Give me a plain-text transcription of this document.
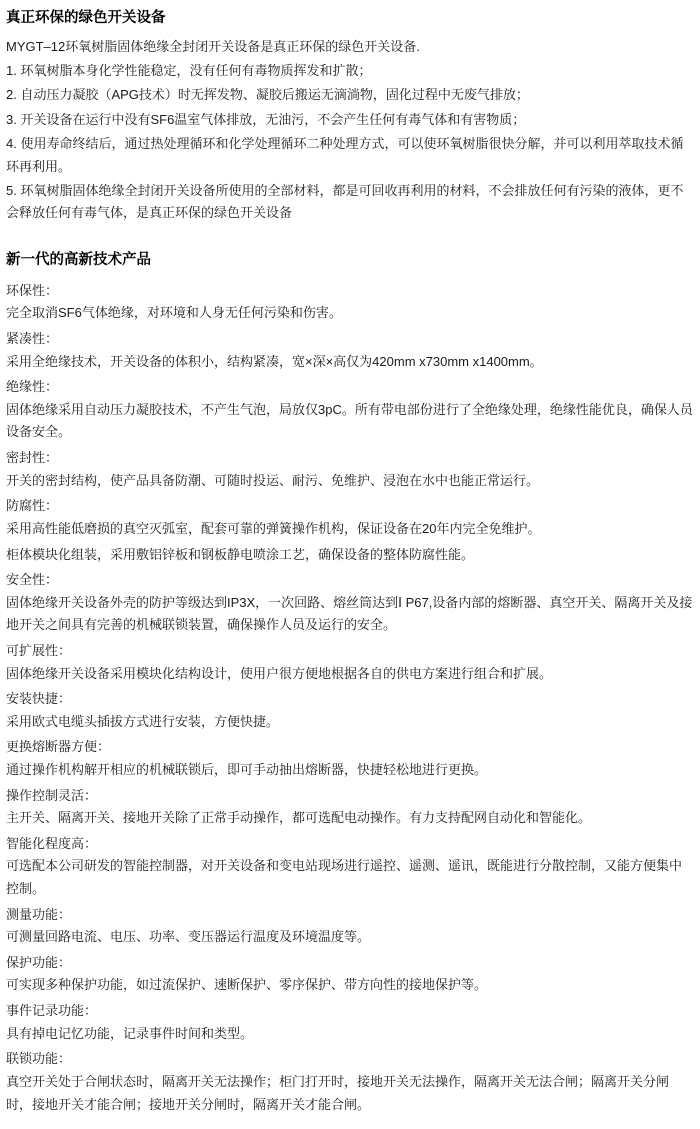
真正环保的绿色开关设备

MYGT–12环氧树脂固体绝缘全封闭开关设备是真正环保的绿色开关设备.

1. 环氧树脂本身化学性能稳定，没有任何有毒物质挥发和扩散；

2. 自动压力凝胶（APG技术）时无挥发物、凝胶后搬运无滴淌物，固化过程中无废气排放；

3. 开关设备在运行中没有SF6温室气体排放，无油污，不会产生任何有毒气体和有害物质；

4. 使用寿命终结后，通过热处理循环和化学处理循环二种处理方式，可以使环氧树脂很快分解，并可以利用萃取技术循环再利用。

5. 环氧树脂固体绝缘全封闭开关设备所使用的全部材料，都是可回收再利用的材料，不会排放任何有污染的液体，更不会释放任何有毒气体，是真正环保的绿色开关设备

新一代的高新技术产品

环保性：

完全取消SF6气体绝缘，对环境和人身无任何污染和伤害。

紧凑性：

采用全绝缘技术，开关设备的体积小，结构紧凑，宽×深×高仅为420mm x730mm x1400mm。

绝缘性：

固体绝缘采用自动压力凝胶技术，不产生气泡，局放仅3pC。所有带电部份进行了全绝缘处理，绝缘性能优良，确保人员设备安全。

密封性：

开关的密封结构，使产品具备防潮、可随时投运、耐污、免维护、浸泡在水中也能正常运行。

防腐性：

采用高性能低磨损的真空灭弧室，配套可靠的弹簧操作机构，保证设备在20年内完全免维护。

柜体模块化组装，采用敷铝锌板和钢板静电喷涂工艺，确保设备的整体防腐性能。

安全性：

固体绝缘开关设备外壳的防护等级达到IP3X，一次回路、熔丝筒达到Ⅰ P67,设备内部的熔断器、真空开关、隔离开关及接地开关之间具有完善的机械联锁装置，确保操作人员及运行的安全。

可扩展性：

固体绝缘开关设备采用模块化结构设计，使用户很方便地根据各自的供电方案进行组合和扩展。

安装快捷：

采用欧式电缆头插拔方式进行安装，方便快捷。

更换熔断器方便：

通过操作机构解开相应的机械联锁后，即可手动抽出熔断器，快捷轻松地进行更换。

操作控制灵活：

主开关、隔离开关、接地开关除了正常手动操作，都可选配电动操作。有力支持配网自动化和智能化。

智能化程度高：

可选配本公司研发的智能控制器，对开关设备和变电站现场进行遥控、遥测、遥讯，既能进行分散控制，又能方便集中控制。

测量功能：

可测量回路电流、电压、功率、变压器运行温度及环境温度等。

保护功能：

可实现多种保护功能，如过流保护、速断保护、零序保护、带方向性的接地保护等。

事件记录功能：

具有掉电记忆功能，记录事件时间和类型。

联锁功能：

真空开关处于合闸状态时，隔离开关无法操作；柜门打开时，接地开关无法操作，隔离开关无法合闸；隔离开关分闸时，接地开关才能合闸；接地开关分闸时，隔离开关才能合闸。
